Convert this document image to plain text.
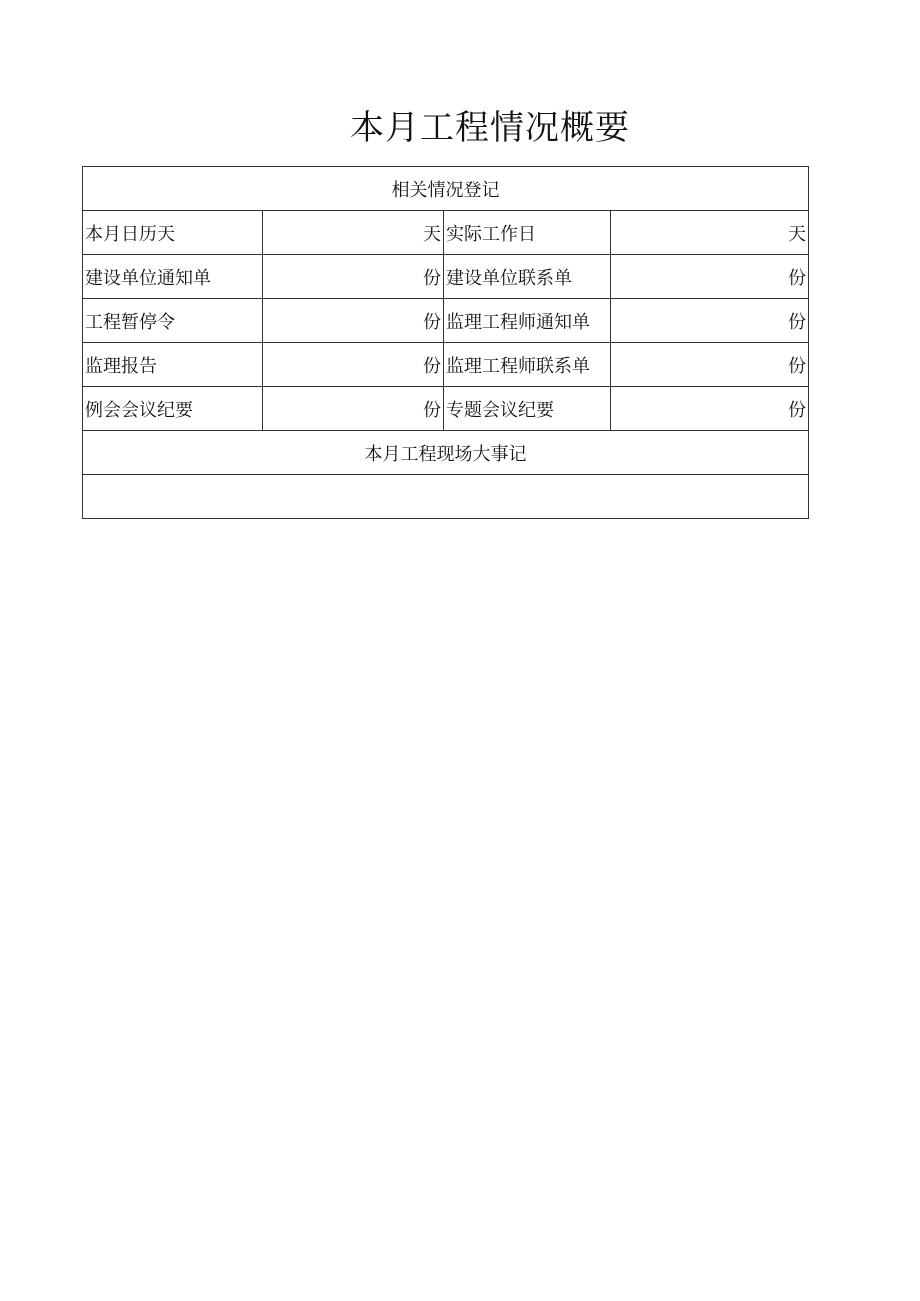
本月工程情况概要
相关情况登记			
本月日历天	天	实际工作日	天
建设单位通知单	份	建设单位联系单	份
工程暂停令	份	监理工程师通知单	份
监理报告	份	监理工程师联系单	份
例会会议纪要	份	专题会议纪要	份
本月工程现场大事记			
